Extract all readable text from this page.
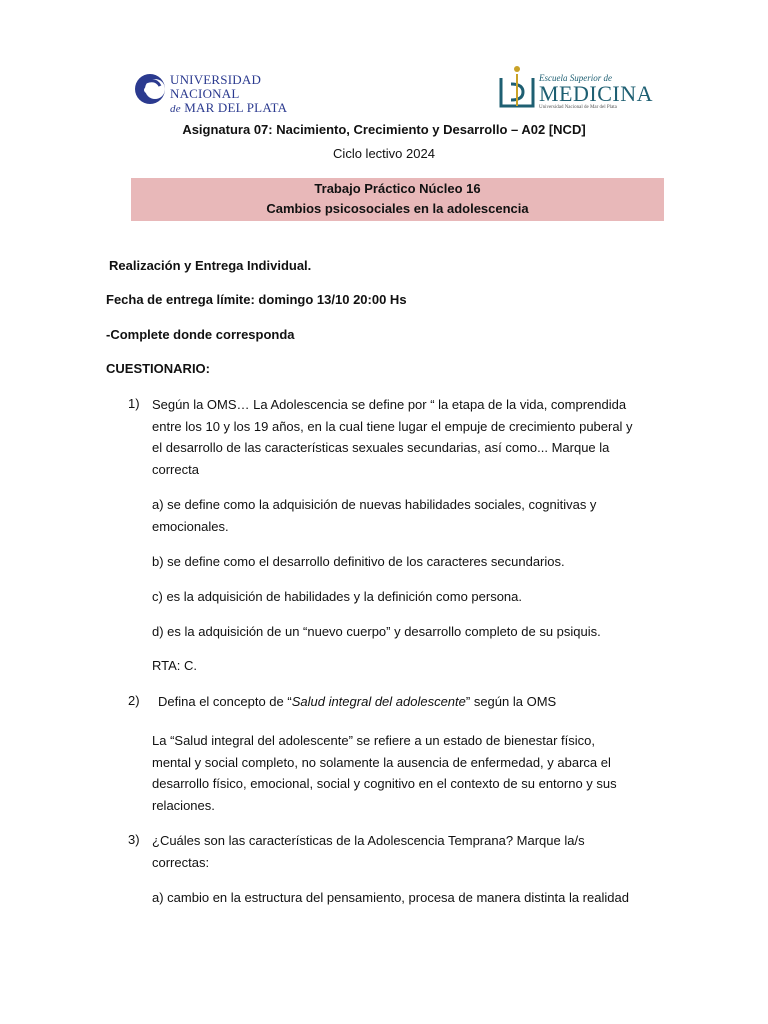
UNIVERSIDAD NACIONAL
de MAR DEL PLATA
Escuela Superior de
MEDICINA
Universidad Nacional de Mar del Plata
Asignatura 07: Nacimiento, Crecimiento y Desarrollo – A02 [NCD]
Ciclo lectivo 2024
Trabajo Práctico Núcleo 16
Cambios psicosociales en la adolescencia
Realización y Entrega Individual.
Fecha de entrega límite: domingo 13/10 20:00 Hs
-Complete donde corresponda
CUESTIONARIO:
1) Según la OMS… La Adolescencia se define por “ la etapa de la vida, comprendida
entre los 10 y los 19 años, en la cual tiene lugar el empuje de crecimiento puberal y
el desarrollo de las características sexuales secundarias, así como... Marque la
correcta
a) se define como la adquisición de nuevas habilidades sociales, cognitivas y
emocionales.
b) se define como el desarrollo definitivo de los caracteres secundarios.
c) es la adquisición de habilidades y la definición como persona.
d) es la adquisición de un “nuevo cuerpo” y desarrollo completo de su psiquis.
RTA: C.
2) Defina el concepto de “Salud integral del adolescente” según la OMS
La “Salud integral del adolescente” se refiere a un estado de bienestar físico,
mental y social completo, no solamente la ausencia de enfermedad, y abarca el
desarrollo físico, emocional, social y cognitivo en el contexto de su entorno y sus
relaciones.
3) ¿Cuáles son las características de la Adolescencia Temprana? Marque la/s
correctas:
a) cambio en la estructura del pensamiento, procesa de manera distinta la realidad
